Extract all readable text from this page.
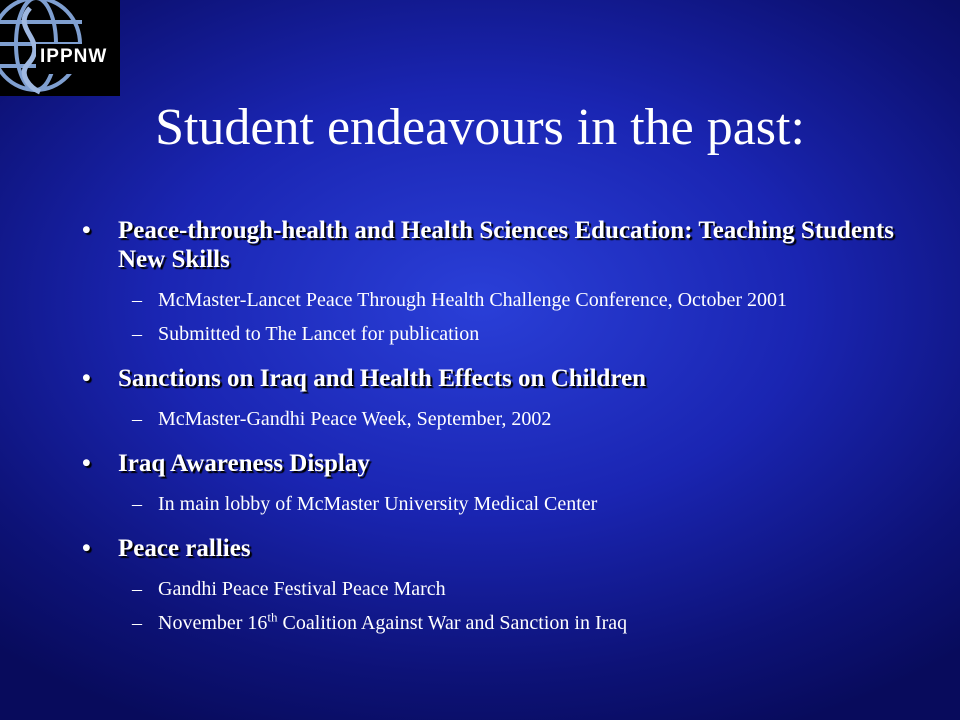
IPPNW
Student endeavours in the past:
• Peace-through-health and Health Sciences Education: Teaching Students New Skills
– McMaster-Lancet Peace Through Health Challenge Conference, October 2001
– Submitted to The Lancet for publication
• Sanctions on Iraq and Health Effects on Children
– McMaster-Gandhi Peace Week, September, 2002
• Iraq Awareness Display
– In main lobby of McMaster University Medical Center
• Peace rallies
– Gandhi Peace Festival Peace March
– November 16th Coalition Against War and Sanction in Iraq
